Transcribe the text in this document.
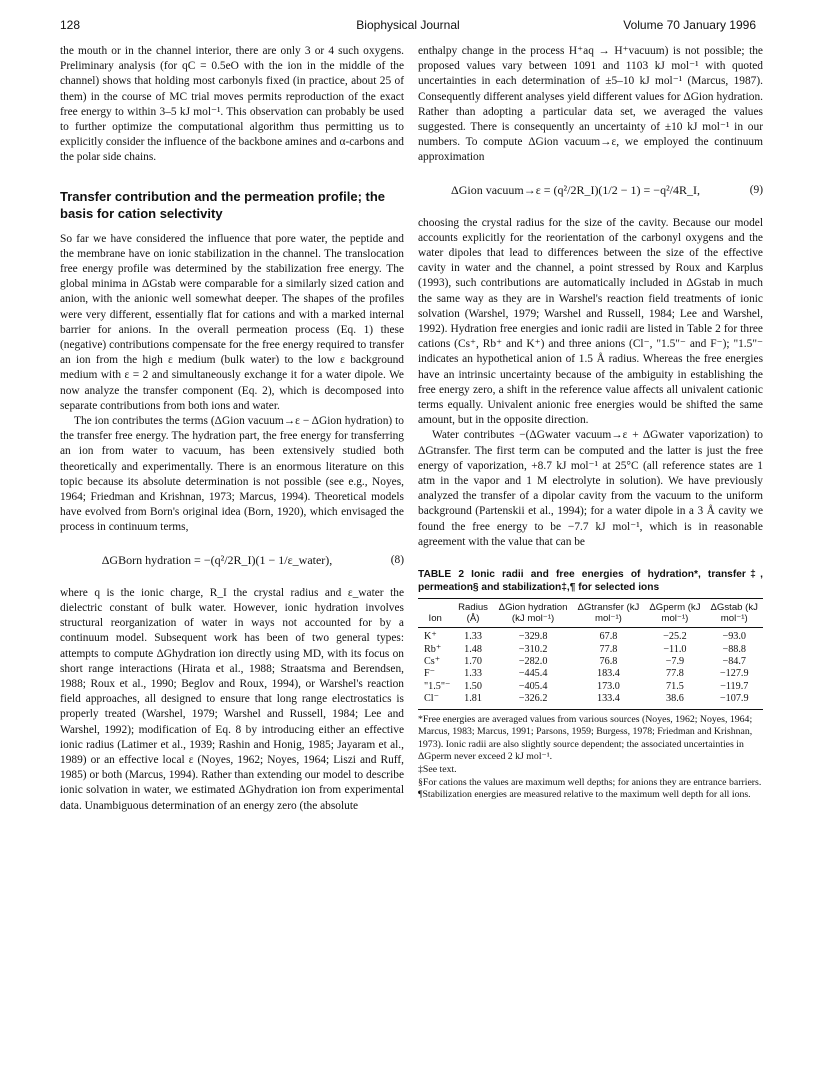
128	Biophysical Journal	Volume 70 January 1996

the mouth or in the channel interior, there are only 3 or 4 such oxygens. Preliminary analysis (for qC = 0.5eO with the ion in the middle of the channel) shows that holding most carbonyls fixed (in practice, about 25 of them) in the course of MC trial moves permits reproduction of the exact free energy to within 3–5 kJ mol⁻¹. This observation can probably be used to further optimize the computational algorithm thus permitting us to explicitly consider the influence of the backbone amines and α-carbons and the polar side chains.

Transfer contribution and the permeation profile; the basis for cation selectivity

So far we have considered the influence that pore water, the peptide and the membrane have on ionic stabilization in the channel. The translocation free energy profile was determined by the stabilization free energy. The global minima in ΔGstab were comparable for a similarly sized cation and anion, with the anionic well somewhat deeper. The shapes of the profiles were very different, essentially flat for cations and with a marked internal barrier for anions. In the overall permeation process (Eq. 1) these (negative) contributions compensate for the free energy required to transfer an ion from the high ε medium (bulk water) to the low ε background medium with ε = 2 and simultaneously exchange it for a water dipole. We now analyze the transfer component (Eq. 2), which is decomposed into separate contributions from both ions and water.

The ion contributes the terms (ΔGion vacuum→ε − ΔGion hydration) to the transfer free energy. The hydration part, the free energy for transferring an ion from water to vacuum, has been extensively studied both theoretically and experimentally. There is an enormous literature on this topic because its absolute determination is not possible (see e.g., Noyes, 1964; Friedman and Krishnan, 1973; Marcus, 1994). Theoretical models have evolved from Born's original idea (Born, 1920), which envisaged the process in continuum terms,

ΔGBorn hydration = −(q²/2R_I)(1 − 1/ε_water),	(8)

where q is the ionic charge, R_I the crystal radius and ε_water the dielectric constant of bulk water. However, ionic hydration involves structural reorganization of water in ways not accounted for by a continuum model. Subsequent work has been of two general types: attempts to compute ΔGhydration ion directly using MD, with its focus on short range interactions (Hirata et al., 1988; Straatsma and Berendsen, 1988; Roux et al., 1990; Beglov and Roux, 1994), or Warshel's reaction field approaches, all designed to ensure that long range electrostatics is properly treated (Warshel, 1979; Warshel and Russell, 1984; Lee and Warshel, 1992); modification of Eq. 8 by introducing either an effective ionic radius (Latimer et al., 1939; Rashin and Honig, 1985; Jayaram et al., 1989) or an effective local ε (Noyes, 1962; Noyes, 1964; Liszi and Ruff, 1985) or both (Marcus, 1994). Rather than extending our model to describe ionic solvation in water, we estimated ΔGhydration ion from experimental data. Unambiguous determination of an energy zero (the absolute

enthalpy change in the process H⁺aq → H⁺vacuum) is not possible; the proposed values vary between 1091 and 1103 kJ mol⁻¹ with quoted uncertainties in each determination of ±5–10 kJ mol⁻¹ (Marcus, 1987). Consequently different analyses yield different values for ΔGion hydration. Rather than adopting a particular data set, we averaged the values suggested. There is consequently an uncertainty of ±10 kJ mol⁻¹ in our numbers. To compute ΔGion vacuum→ε, we employed the continuum approximation

ΔGion vacuum→ε = (q²/2R_I)(1/2 − 1) = −q²/4R_I,	(9)

choosing the crystal radius for the size of the cavity. Because our model accounts explicitly for the reorientation of the carbonyl oxygens and the water dipoles that lead to differences between the size of the effective cavity in water and the channel, a point stressed by Roux and Karplus (1993), such contributions are automatically included in ΔGstab in much the same way as they are in Warshel's reaction field treatments of ionic solvation (Warshel, 1979; Warshel and Russell, 1984; Lee and Warshel, 1992). Hydration free energies and ionic radii are listed in Table 2 for three cations (Cs⁺, Rb⁺ and K⁺) and three anions (Cl⁻, "1.5"⁻ and F⁻); "1.5"⁻ indicates an hypothetical anion of 1.5 Å radius. Whereas the free energies have an intrinsic uncertainty because of the ambiguity in establishing the free energy zero, a shift in the reference value affects all univalent cationic terms equally. Univalent anionic free energies would be shifted the same amount, but in the opposite direction.

Water contributes −(ΔGwater vacuum→ε + ΔGwater vaporization) to ΔGtransfer. The first term can be computed and the latter is just the free energy of vaporization, +8.7 kJ mol⁻¹ at 25°C (all reference states are 1 atm in the vapor and 1 M electrolyte in solution). We have previously analyzed the transfer of a dipolar cavity from the vacuum to the uniform background (Partenskii et al., 1994); for a water dipole in a 3 Å cavity we found the free energy to be −7.7 kJ mol⁻¹, which is in reasonable agreement with the value that can be

TABLE 2 Ionic radii and free energies of hydration*, transfer‡, permeation§ and stabilization‡,¶ for selected ions
Ion	Radius (Å)	ΔGion hydration (kJ mol⁻¹)	ΔGtransfer (kJ mol⁻¹)	ΔGperm (kJ mol⁻¹)	ΔGstab (kJ mol⁻¹)
K⁺	1.33	−329.8	67.8	−25.2	−93.0
Rb⁺	1.48	−310.2	77.8	−11.0	−88.8
Cs⁺	1.70	−282.0	76.8	−7.9	−84.7
F⁻	1.33	−445.4	183.4	77.8	−127.9
"1.5"⁻	1.50	−405.4	173.0	71.5	−119.7
Cl⁻	1.81	−326.2	133.4	38.6	−107.9
*Free energies are averaged values from various sources (Noyes, 1962; Noyes, 1964; Marcus, 1983; Marcus, 1991; Parsons, 1959; Burgess, 1978; Friedman and Krishnan, 1973). Ionic radii are also slightly source dependent; the associated uncertainties in ΔGperm never exceed 2 kJ mol⁻¹.
‡See text.
§For cations the values are maximum well depths; for anions they are entrance barriers.
¶Stabilization energies are measured relative to the maximum well depth for all ions.
